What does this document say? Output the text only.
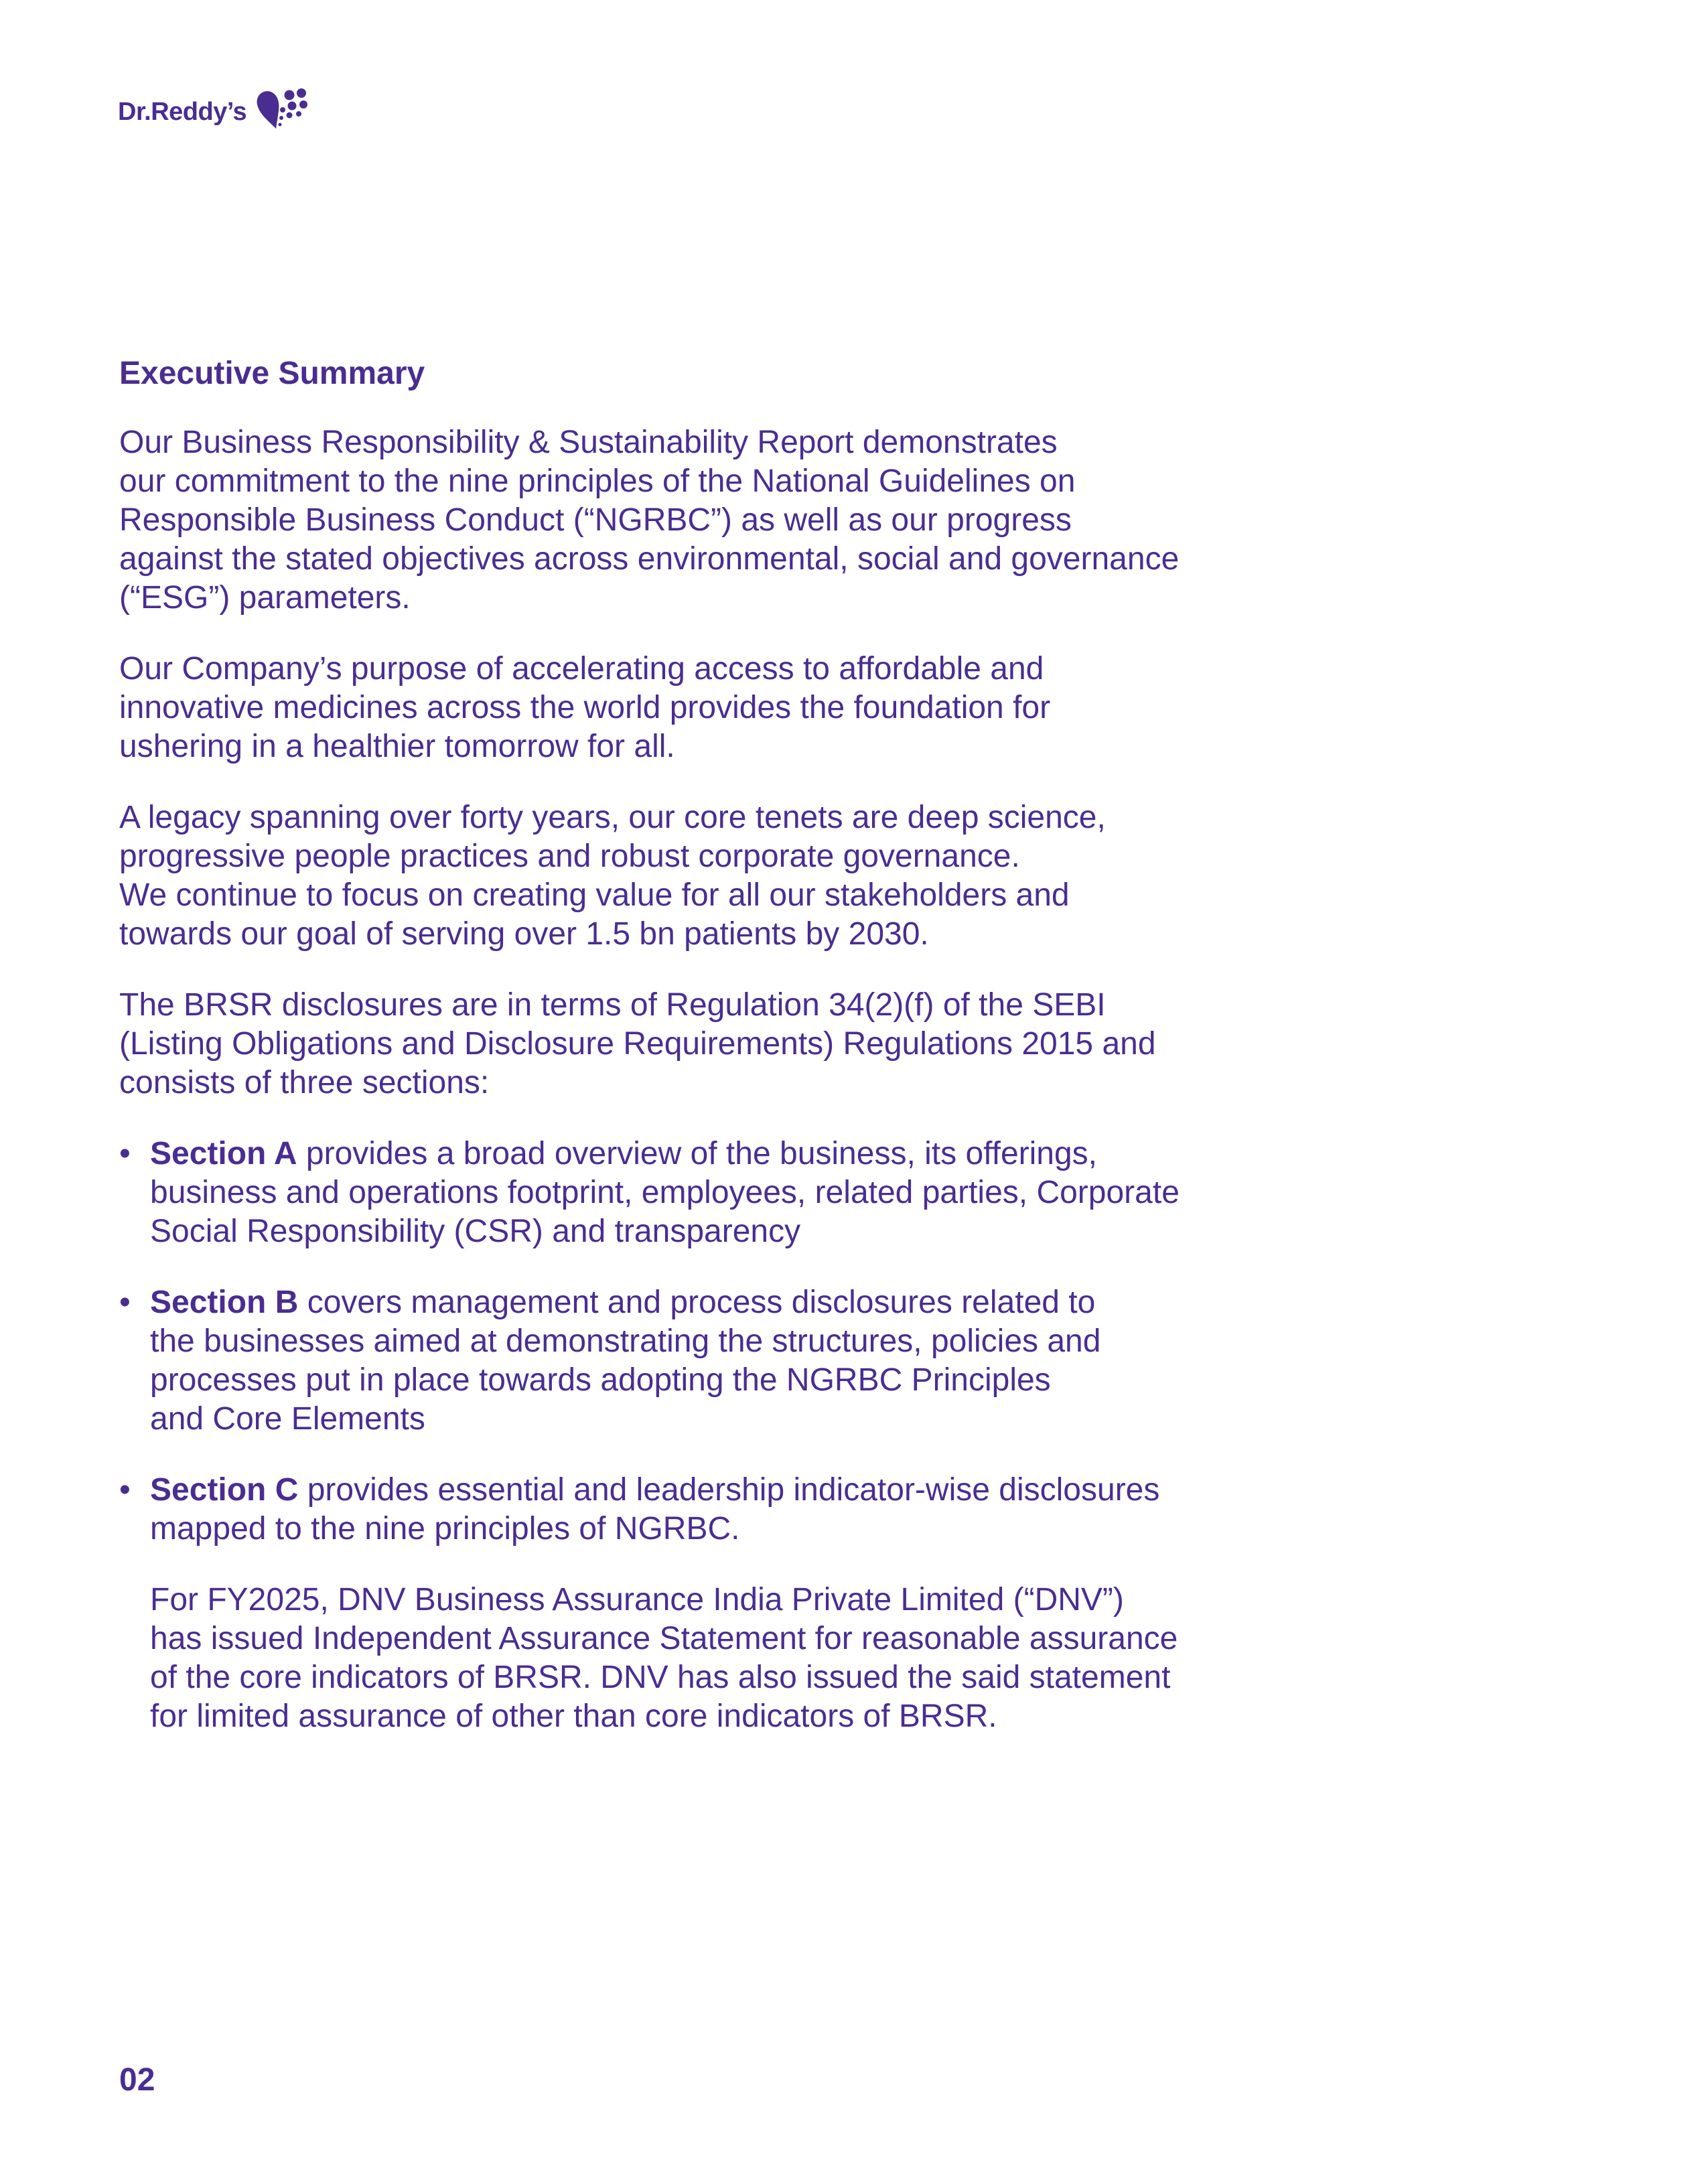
Dr.Reddy’s
Executive Summary

Our Business Responsibility & Sustainability Report demonstrates
our commitment to the nine principles of the National Guidelines on
Responsible Business Conduct (“NGRBC”) as well as our progress
against the stated objectives across environmental, social and governance
(“ESG”) parameters.

Our Company’s purpose of accelerating access to affordable and
innovative medicines across the world provides the foundation for
ushering in a healthier tomorrow for all.

A legacy spanning over forty years, our core tenets are deep science,
progressive people practices and robust corporate governance.
We continue to focus on creating value for all our stakeholders and
towards our goal of serving over 1.5 bn patients by 2030.

The BRSR disclosures are in terms of Regulation 34(2)(f) of the SEBI
(Listing Obligations and Disclosure Requirements) Regulations 2015 and
consists of three sections:

• Section A provides a broad overview of the business, its offerings,
business and operations footprint, employees, related parties, Corporate
Social Responsibility (CSR) and transparency
• Section B covers management and process disclosures related to
the businesses aimed at demonstrating the structures, policies and
processes put in place towards adopting the NGRBC Principles
and Core Elements
• Section C provides essential and leadership indicator-wise disclosures
mapped to the nine principles of NGRBC.

For FY2025, DNV Business Assurance India Private Limited (“DNV”)
has issued Independent Assurance Statement for reasonable assurance
of the core indicators of BRSR. DNV has also issued the said statement
for limited assurance of other than core indicators of BRSR.

02
